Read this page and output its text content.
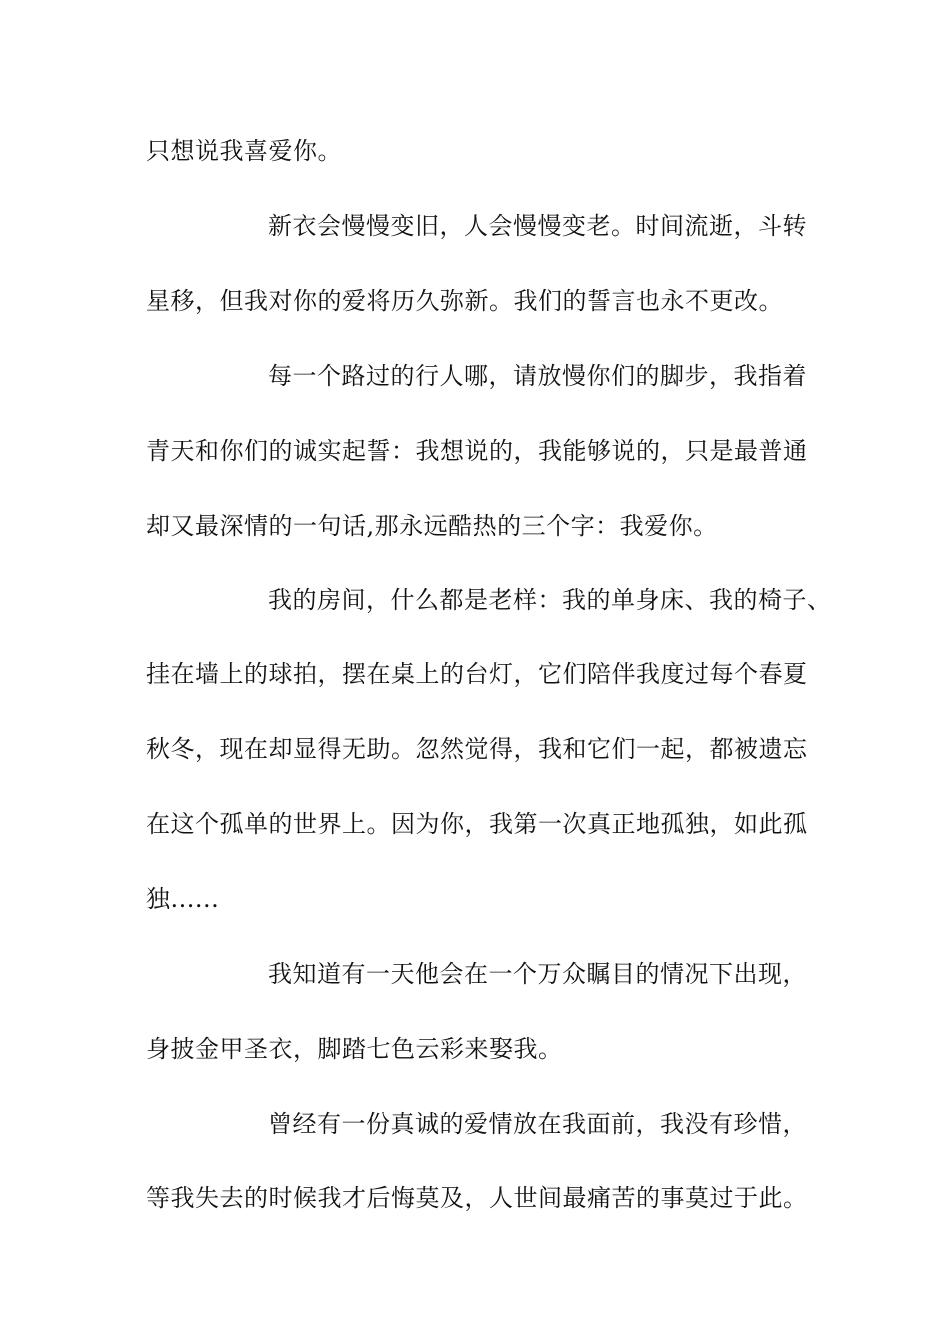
只想说我喜爱你。
新衣会慢慢变旧，人会慢慢变老。时间流逝，斗转
星移，但我对你的爱将历久弥新。我们的誓言也永不更改。
每一个路过的行人哪，请放慢你们的脚步，我指着
青天和你们的诚实起誓：我想说的，我能够说的，只是最普通
却又最深情的一句话,那永远酷热的三个字：我爱你。
我的房间，什么都是老样：我的单身床、我的椅子、
挂在墙上的球拍，摆在桌上的台灯，它们陪伴我度过每个春夏
秋冬，现在却显得无助。忽然觉得，我和它们一起，都被遗忘
在这个孤单的世界上。因为你，我第一次真正地孤独，如此孤
独......
我知道有一天他会在一个万众瞩目的情况下出现，
身披金甲圣衣，脚踏七色云彩来娶我。
曾经有一份真诚的爱情放在我面前，我没有珍惜，
等我失去的时候我才后悔莫及，人世间最痛苦的事莫过于此。
